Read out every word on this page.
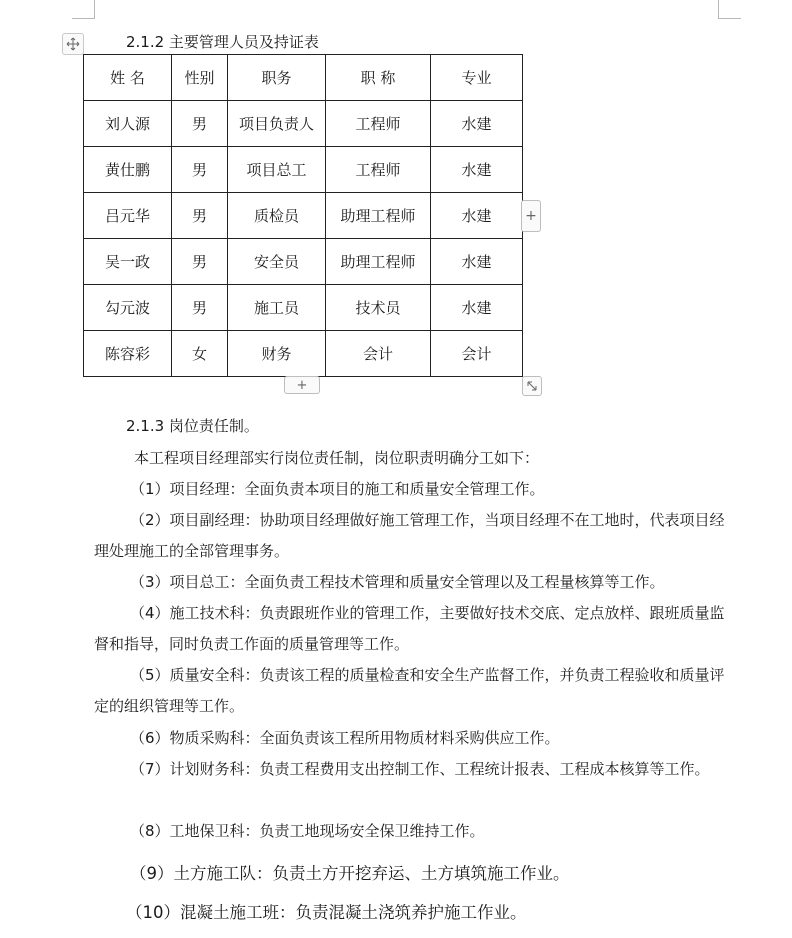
2.1.2 主要管理人员及持证表
姓 名	性别	职务	职 称	专业
刘人源	男	项目负责人	工程师	水建
黄仕鹏	男	项目总工	工程师	水建
吕元华	男	质检员	助理工程师	水建
吴一政	男	安全员	助理工程师	水建
勾元波	男	施工员	技术员	水建
陈容彩	女	财务	会计	会计
+
+
2.1.3 岗位责任制。
本工程项目经理部实行岗位责任制，岗位职责明确分工如下：
（1）项目经理：全面负责本项目的施工和质量安全管理工作。
（2）项目副经理：协助项目经理做好施工管理工作，当项目经理不在工地时，代表项目经理处理施工的全部管理事务。
（3）项目总工：全面负责工程技术管理和质量安全管理以及工程量核算等工作。
（4）施工技术科：负责跟班作业的管理工作，主要做好技术交底、定点放样、跟班质量监督和指导，同时负责工作面的质量管理等工作。
（5）质量安全科：负责该工程的质量检查和安全生产监督工作，并负责工程验收和质量评定的组织管理等工作。
（6）物质采购科：全面负责该工程所用物质材料采购供应工作。
（7）计划财务科：负责工程费用支出控制工作、工程统计报表、工程成本核算等工作。
（8）工地保卫科：负责工地现场安全保卫维持工作。
（9）土方施工队：负责土方开挖弃运、土方填筑施工作业。
（10）混凝土施工班：负责混凝土浇筑养护施工作业。
